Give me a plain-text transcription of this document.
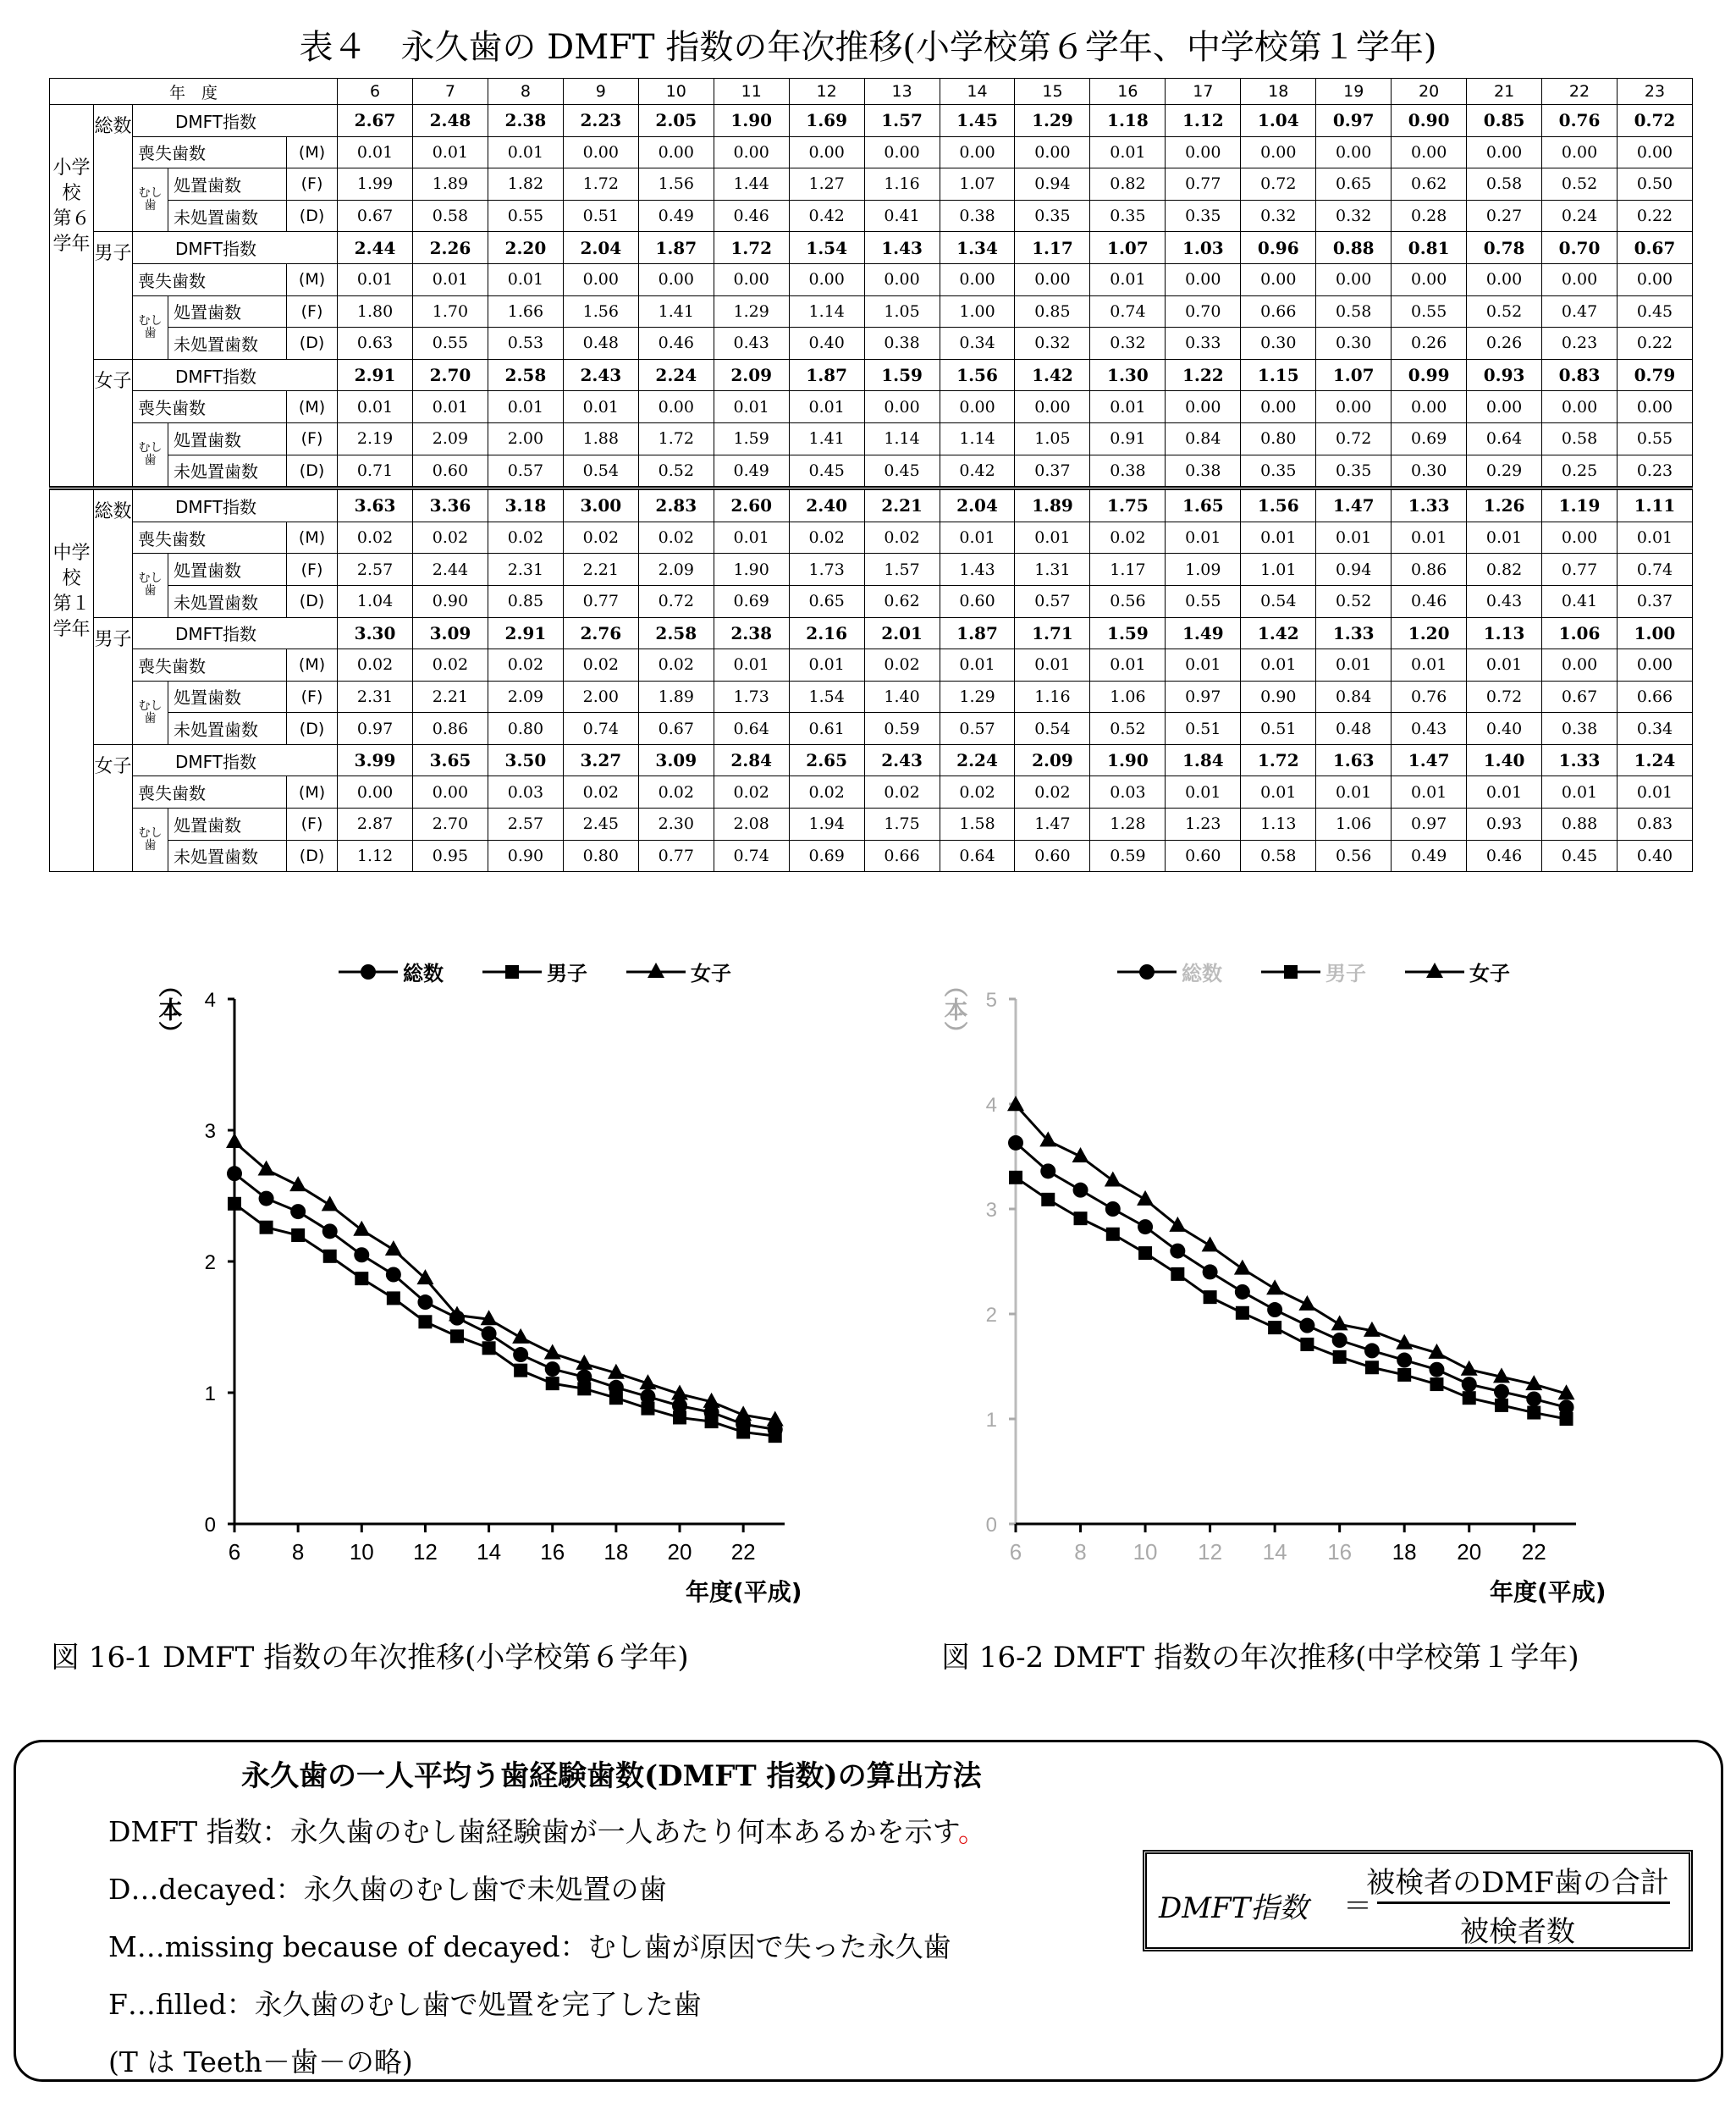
表４　永久歯の DMFT 指数の年次推移(小学校第６学年、中学校第１学年)
年　度					6	7	8	9	10	11	12	13	14	15	16	17	18	19	20	21	22	23
小学校　第６学年	総数	DMFT指数			2.67	2.48	2.38	2.23	2.05	1.90	1.69	1.57	1.45	1.29	1.18	1.12	1.04	0.97	0.90	0.85	0.76	0.72
		喪失歯数		(M)	0.01	0.01	0.01	0.00	0.00	0.00	0.00	0.00	0.00	0.00	0.01	0.00	0.00	0.00	0.00	0.00	0.00	0.00
		むし歯	処置歯数	(F)	1.99	1.89	1.82	1.72	1.56	1.44	1.27	1.16	1.07	0.94	0.82	0.77	0.72	0.65	0.62	0.58	0.52	0.50
			未処置歯数	(D)	0.67	0.58	0.55	0.51	0.49	0.46	0.42	0.41	0.38	0.35	0.35	0.35	0.32	0.32	0.28	0.27	0.24	0.22
	男子	DMFT指数			2.44	2.26	2.20	2.04	1.87	1.72	1.54	1.43	1.34	1.17	1.07	1.03	0.96	0.88	0.81	0.78	0.70	0.67
		喪失歯数		(M)	0.01	0.01	0.01	0.00	0.00	0.00	0.00	0.00	0.00	0.00	0.01	0.00	0.00	0.00	0.00	0.00	0.00	0.00
		むし歯	処置歯数	(F)	1.80	1.70	1.66	1.56	1.41	1.29	1.14	1.05	1.00	0.85	0.74	0.70	0.66	0.58	0.55	0.52	0.47	0.45
			未処置歯数	(D)	0.63	0.55	0.53	0.48	0.46	0.43	0.40	0.38	0.34	0.32	0.32	0.33	0.30	0.30	0.26	0.26	0.23	0.22
	女子	DMFT指数			2.91	2.70	2.58	2.43	2.24	2.09	1.87	1.59	1.56	1.42	1.30	1.22	1.15	1.07	0.99	0.93	0.83	0.79
		喪失歯数		(M)	0.01	0.01	0.01	0.01	0.00	0.01	0.01	0.00	0.00	0.00	0.01	0.00	0.00	0.00	0.00	0.00	0.00	0.00
		むし歯	処置歯数	(F)	2.19	2.09	2.00	1.88	1.72	1.59	1.41	1.14	1.14	1.05	0.91	0.84	0.80	0.72	0.69	0.64	0.58	0.55
			未処置歯数	(D)	0.71	0.60	0.57	0.54	0.52	0.49	0.45	0.45	0.42	0.37	0.38	0.38	0.35	0.35	0.30	0.29	0.25	0.23
中学校　第１学年	総数	DMFT指数			3.63	3.36	3.18	3.00	2.83	2.60	2.40	2.21	2.04	1.89	1.75	1.65	1.56	1.47	1.33	1.26	1.19	1.11
		喪失歯数		(M)	0.02	0.02	0.02	0.02	0.02	0.01	0.02	0.02	0.01	0.01	0.02	0.01	0.01	0.01	0.01	0.01	0.00	0.01
		むし歯	処置歯数	(F)	2.57	2.44	2.31	2.21	2.09	1.90	1.73	1.57	1.43	1.31	1.17	1.09	1.01	0.94	0.86	0.82	0.77	0.74
			未処置歯数	(D)	1.04	0.90	0.85	0.77	0.72	0.69	0.65	0.62	0.60	0.57	0.56	0.55	0.54	0.52	0.46	0.43	0.41	0.37
	男子	DMFT指数			3.30	3.09	2.91	2.76	2.58	2.38	2.16	2.01	1.87	1.71	1.59	1.49	1.42	1.33	1.20	1.13	1.06	1.00
		喪失歯数		(M)	0.02	0.02	0.02	0.02	0.02	0.01	0.01	0.02	0.01	0.01	0.01	0.01	0.01	0.01	0.01	0.01	0.00	0.00
		むし歯	処置歯数	(F)	2.31	2.21	2.09	2.00	1.89	1.73	1.54	1.40	1.29	1.16	1.06	0.97	0.90	0.84	0.76	0.72	0.67	0.66
			未処置歯数	(D)	0.97	0.86	0.80	0.74	0.67	0.64	0.61	0.59	0.57	0.54	0.52	0.51	0.51	0.48	0.43	0.40	0.38	0.34
	女子	DMFT指数			3.99	3.65	3.50	3.27	3.09	2.84	2.65	2.43	2.24	2.09	1.90	1.84	1.72	1.63	1.47	1.40	1.33	1.24
		喪失歯数		(M)	0.00	0.00	0.03	0.02	0.02	0.02	0.02	0.02	0.02	0.02	0.03	0.01	0.01	0.01	0.01	0.01	0.01	0.01
		むし歯	処置歯数	(F)	2.87	2.70	2.57	2.45	2.30	2.08	1.94	1.75	1.58	1.47	1.28	1.23	1.13	1.06	0.97	0.93	0.88	0.83
			未処置歯数	(D)	1.12	0.95	0.90	0.80	0.77	0.74	0.69	0.66	0.64	0.60	0.59	0.60	0.58	0.56	0.49	0.46	0.45	0.40
0
1
2
3
4
6 8 10 12 14 16 18 20 22
（本）
年度(平成)
総数	男子	女子
0
1
2
3
4
5
6 8 10 12 14 16 18 20 22
（本）
年度(平成)
総数	男子	女子
図 16-1 DMFT 指数の年次推移(小学校第６学年)	図 16-2 DMFT 指数の年次推移(中学校第１学年)
永久歯の一人平均う歯経験歯数(DMFT 指数)の算出方法
DMFT 指数：永久歯のむし歯経験歯が一人あたり何本あるかを示す。
D…decayed：永久歯のむし歯で未処置の歯
M…missing because of decayed：むし歯が原因で失った永久歯
F…filled：永久歯のむし歯で処置を完了した歯
(T は Teeth－歯－の略)
DMFT指数 ＝
被検者のDMF歯の合計
被検者数
